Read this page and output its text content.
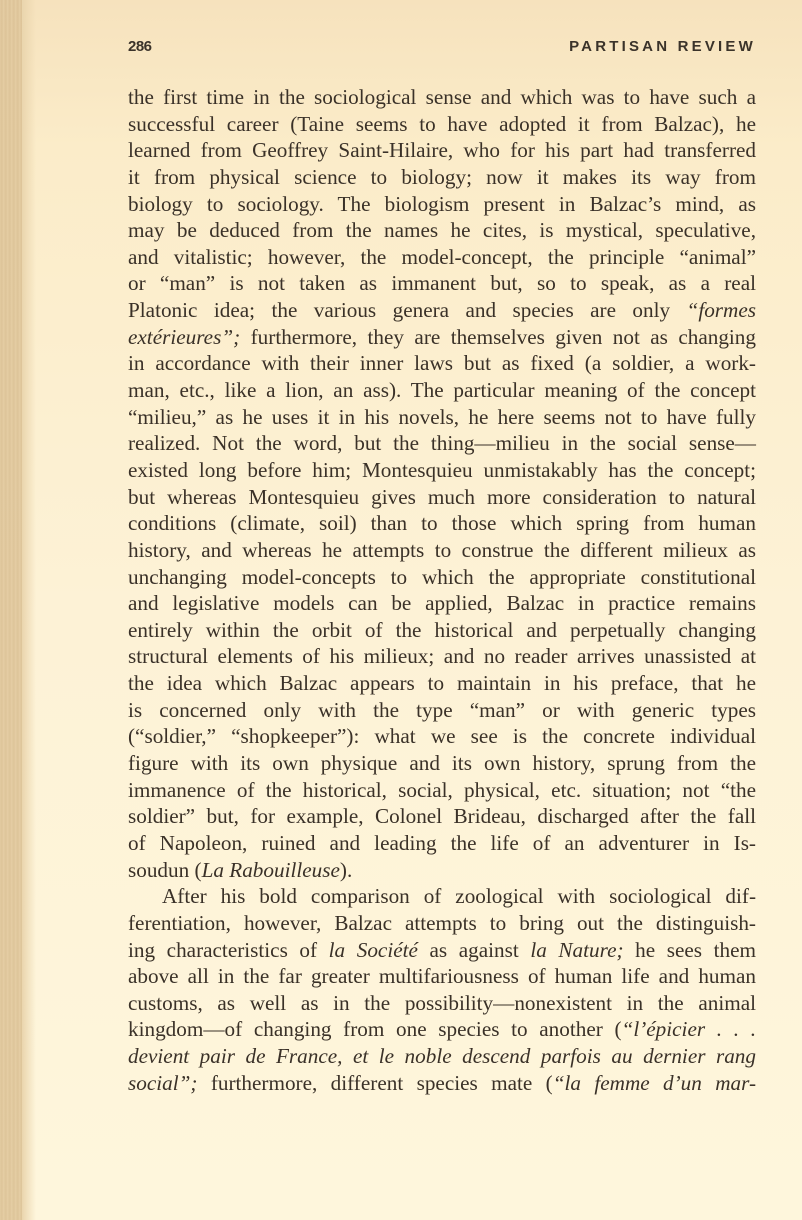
286	PARTISAN REVIEW
the first time in the sociological sense and which was to have such a
successful career (Taine seems to have adopted it from Balzac), he
learned from Geoffrey Saint-Hilaire, who for his part had transferred
it from physical science to biology; now it makes its way from
biology to sociology. The biologism present in Balzac’s mind, as
may be deduced from the names he cites, is mystical, speculative,
and vitalistic; however, the model-concept, the principle “animal”
or “man” is not taken as immanent but, so to speak, as a real
Platonic idea; the various genera and species are only “formes
extérieures”; furthermore, they are themselves given not as changing
in accordance with their inner laws but as fixed (a soldier, a work-
man, etc., like a lion, an ass). The particular meaning of the concept
“milieu,” as he uses it in his novels, he here seems not to have fully
realized. Not the word, but the thing—milieu in the social sense—
existed long before him; Montesquieu unmistakably has the concept;
but whereas Montesquieu gives much more consideration to natural
conditions (climate, soil) than to those which spring from human
history, and whereas he attempts to construe the different milieux as
unchanging model-concepts to which the appropriate constitutional
and legislative models can be applied, Balzac in practice remains
entirely within the orbit of the historical and perpetually changing
structural elements of his milieux; and no reader arrives unassisted at
the idea which Balzac appears to maintain in his preface, that he
is concerned only with the type “man” or with generic types
(“soldier,” “shopkeeper”): what we see is the concrete individual
figure with its own physique and its own history, sprung from the
immanence of the historical, social, physical, etc. situation; not “the
soldier” but, for example, Colonel Brideau, discharged after the fall
of Napoleon, ruined and leading the life of an adventurer in Is-
soudun (La Rabouilleuse).
After his bold comparison of zoological with sociological dif-
ferentiation, however, Balzac attempts to bring out the distinguish-
ing characteristics of la Société as against la Nature; he sees them
above all in the far greater multifariousness of human life and human
customs, as well as in the possibility—nonexistent in the animal
kingdom—of changing from one species to another (“l’épicier . . .
devient pair de France, et le noble descend parfois au dernier rang
social”; furthermore, different species mate (“la femme d’un mar-
